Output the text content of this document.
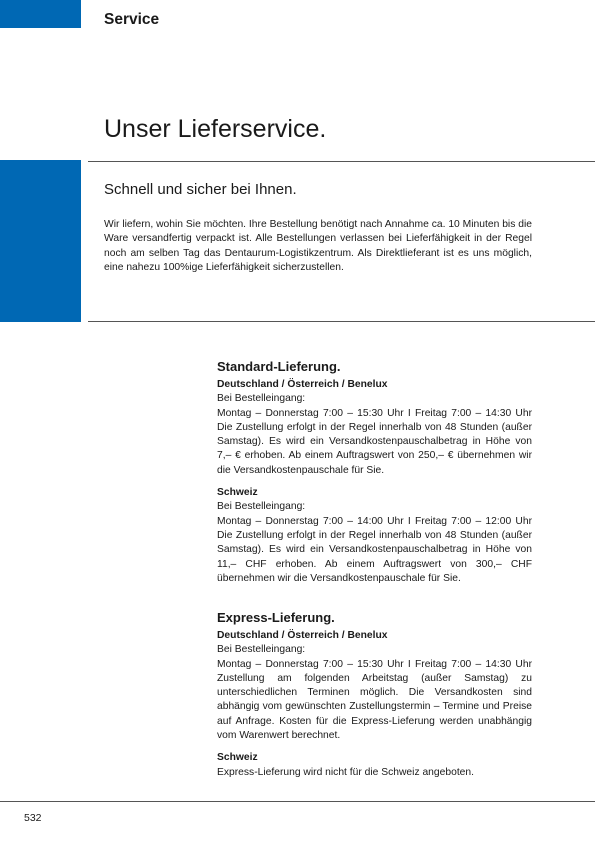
Service
Unser Lieferservice.
Schnell und sicher bei Ihnen.

Wir liefern, wohin Sie möchten. Ihre Bestellung benötigt nach Annahme ca. 10 Minuten bis die Ware versandfertig verpackt ist. Alle Bestellungen verlassen bei Lieferfähigkeit in der Regel noch am selben Tag das Dentaurum-Logistikzentrum. Als Direktlieferant ist es uns möglich, eine nahezu 100%ige Lieferfähigkeit sicherzustellen.

Standard-Lieferung.
Deutschland / Österreich / Benelux

Bei Bestelleingang:

Montag – Donnerstag 7:00 – 15:30 Uhr I Freitag 7:00 – 14:30 Uhr Die Zustellung erfolgt in der Regel innerhalb von 48 Stunden (außer Samstag). Es wird ein Versandkostenpauschalbetrag in Höhe von 7,– € erhoben. Ab einem Auftragswert von 250,– € übernehmen wir die Versandkostenpauschale für Sie.

Schweiz

Bei Bestelleingang:

Montag – Donnerstag 7:00 – 14:00 Uhr I Freitag 7:00 – 12:00 Uhr Die Zustellung erfolgt in der Regel innerhalb von 48 Stunden (außer Samstag). Es wird ein Versandkostenpauschalbetrag in Höhe von 11,– CHF erhoben. Ab einem Auftragswert von 300,– CHF übernehmen wir die Versandkostenpauschale für Sie.

Express-Lieferung.
Deutschland / Österreich / Benelux

Bei Bestelleingang:

Montag – Donnerstag 7:00 – 15:30 Uhr I Freitag 7:00 – 14:30 Uhr Zustellung am folgenden Arbeitstag (außer Samstag) zu unterschiedlichen Terminen möglich. Die Versandkosten sind abhängig vom gewünschten Zustellungstermin – Termine und Preise auf Anfrage. Kosten für die Express-Lieferung werden unabhängig vom Warenwert berechnet.

Schweiz

Express-Lieferung wird nicht für die Schweiz angeboten.

532
